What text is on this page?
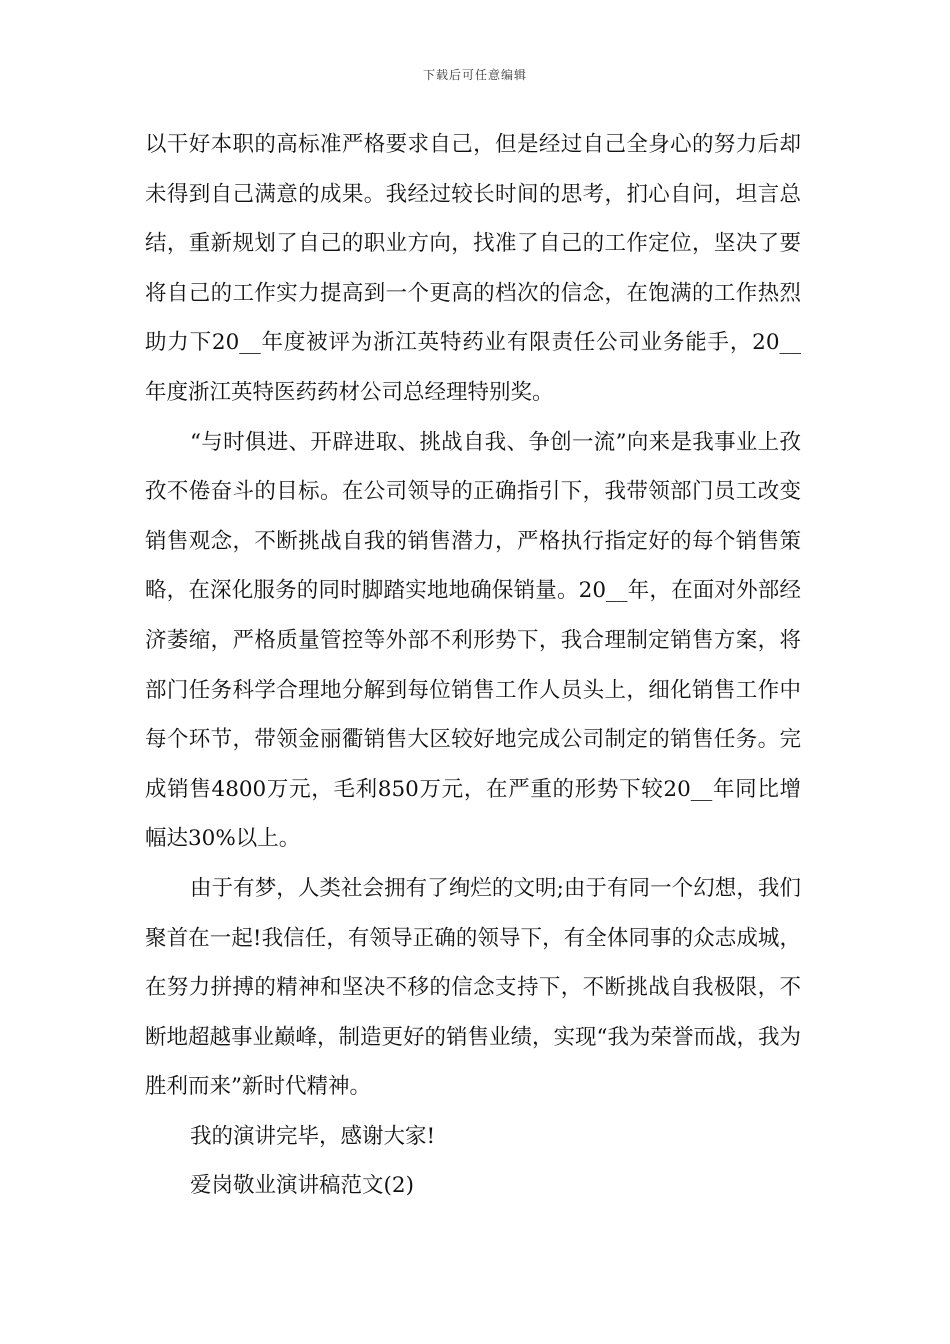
下载后可任意编辑

以干好本职的高标准严格要求自己，但是经过自己全身心的努力后却未得到自己满意的成果。我经过较长时间的思考，扪心自问，坦言总结，重新规划了自己的职业方向，找准了自己的工作定位，坚决了要将自己的工作实力提高到一个更高的档次的信念，在饱满的工作热烈助力下20__年度被评为浙江英特药业有限责任公司业务能手，20__年度浙江英特医药药材公司总经理特别奖。

“与时俱进、开辟进取、挑战自我、争创一流”向来是我事业上孜孜不倦奋斗的目标。在公司领导的正确指引下，我带领部门员工改变销售观念，不断挑战自我的销售潜力，严格执行指定好的每个销售策略，在深化服务的同时脚踏实地地确保销量。20__年，在面对外部经济萎缩，严格质量管控等外部不利形势下，我合理制定销售方案，将部门任务科学合理地分解到每位销售工作人员头上，细化销售工作中每个环节，带领金丽衢销售大区较好地完成公司制定的销售任务。完成销售4800万元，毛利850万元，在严重的形势下较20__年同比增幅达30%以上。

由于有梦，人类社会拥有了绚烂的文明;由于有同一个幻想，我们聚首在一起!我信任，有领导正确的领导下，有全体同事的众志成城，在努力拼搏的精神和坚决不移的信念支持下，不断挑战自我极限，不断地超越事业巅峰，制造更好的销售业绩，实现“我为荣誉而战，我为胜利而来”新时代精神。

我的演讲完毕，感谢大家!

爱岗敬业演讲稿范文(2)
